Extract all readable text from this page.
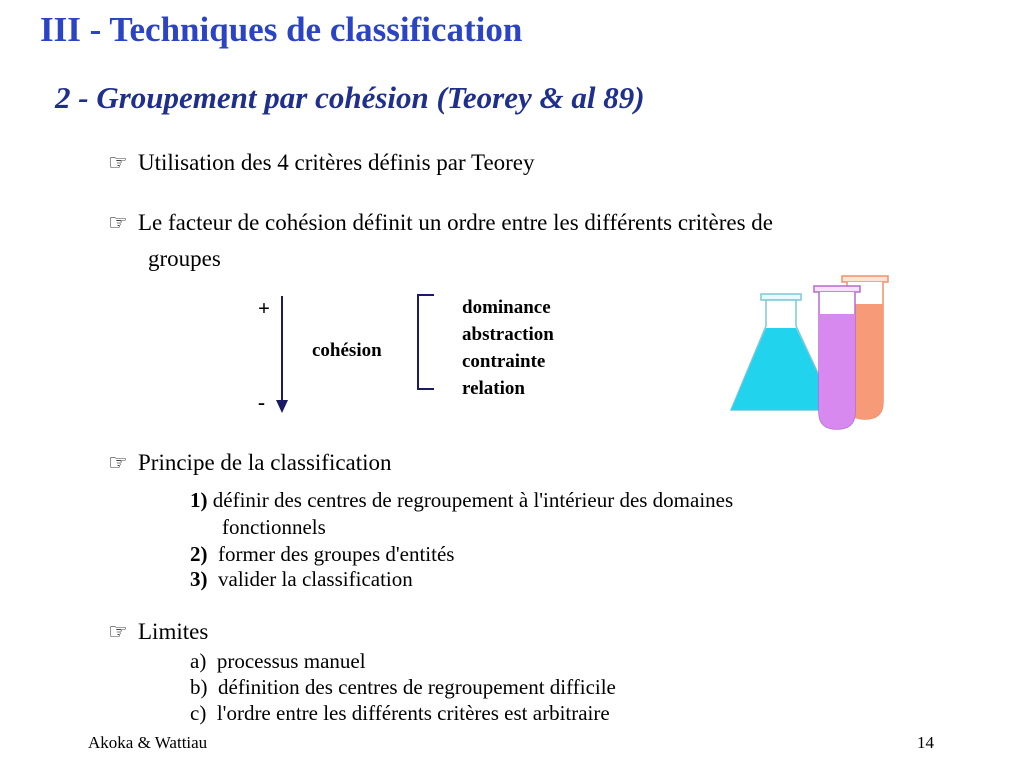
III - Techniques de classification
2 - Groupement par cohésion (Teorey & al 89)
☞ Utilisation des 4 critères définis par Teorey
☞ Le facteur de cohésion définit un ordre entre les différents critères de
groupes
+
-
cohésion
dominance
abstraction
contrainte
relation
☞ Principe de la classification
1) définir des centres de regroupement à l'intérieur des domaines
fonctionnels
2) former des groupes d'entités
3) valider la classification
☞ Limites
a) processus manuel
b) définition des centres de regroupement difficile
c) l'ordre entre les différents critères est arbitraire
Akoka & Wattiau	14
